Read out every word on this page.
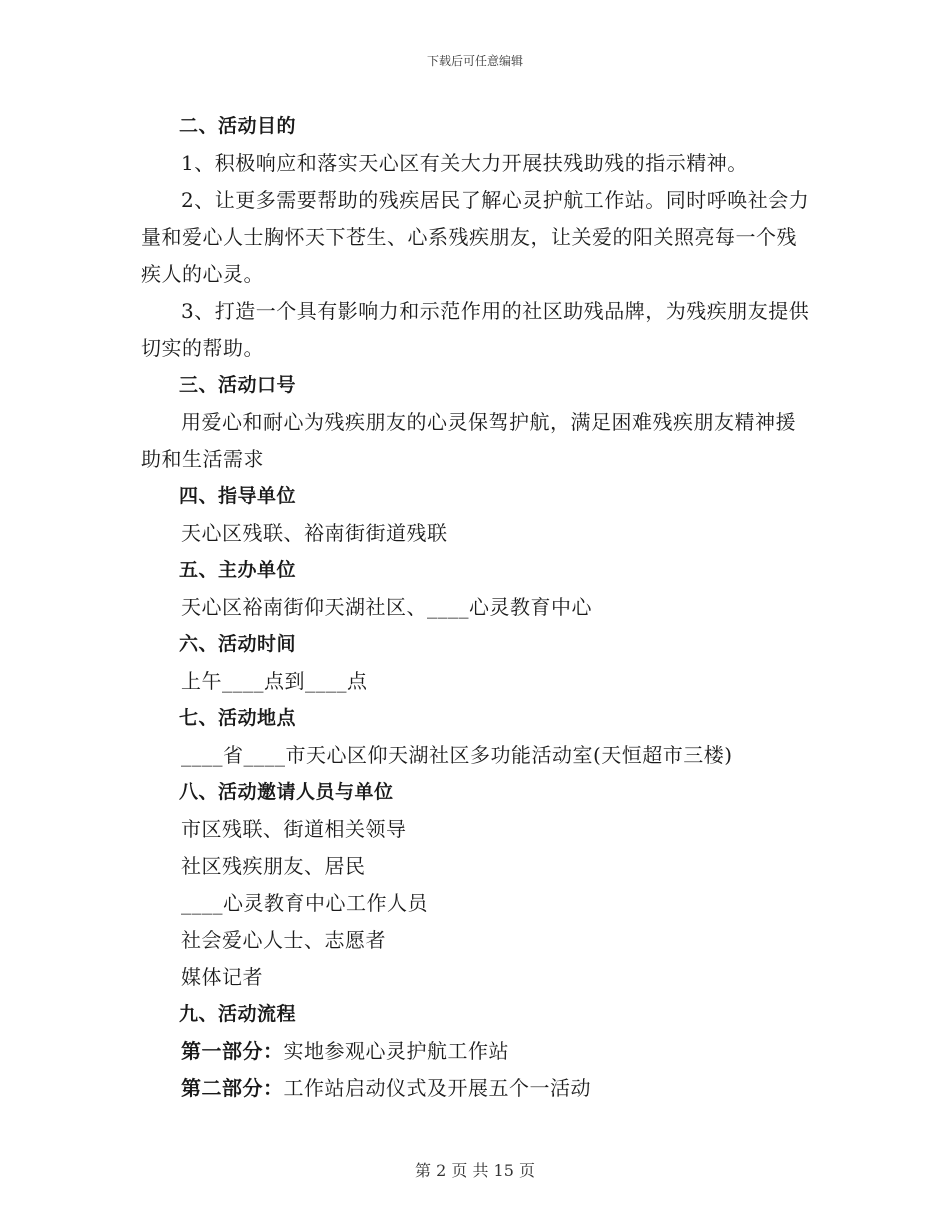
下载后可任意编辑

二、活动目的

1、积极响应和落实天心区有关大力开展扶残助残的指示精神。

2、让更多需要帮助的残疾居民了解心灵护航工作站。同时呼唤社会力量和爱心人士胸怀天下苍生、心系残疾朋友，让关爱的阳关照亮每一个残疾人的心灵。

3、打造一个具有影响力和示范作用的社区助残品牌，为残疾朋友提供切实的帮助。

三、活动口号

用爱心和耐心为残疾朋友的心灵保驾护航，满足困难残疾朋友精神援助和生活需求

四、指导单位

天心区残联、裕南街街道残联

五、主办单位

天心区裕南街仰天湖社区、____心灵教育中心

六、活动时间

上午____点到____点

七、活动地点

____省____市天心区仰天湖社区多功能活动室(天恒超市三楼)

八、活动邀请人员与单位

市区残联、街道相关领导

社区残疾朋友、居民

____心灵教育中心工作人员

社会爱心人士、志愿者

媒体记者

九、活动流程

第一部分：实地参观心灵护航工作站

第二部分：工作站启动仪式及开展五个一活动

第 2 页 共 15 页
